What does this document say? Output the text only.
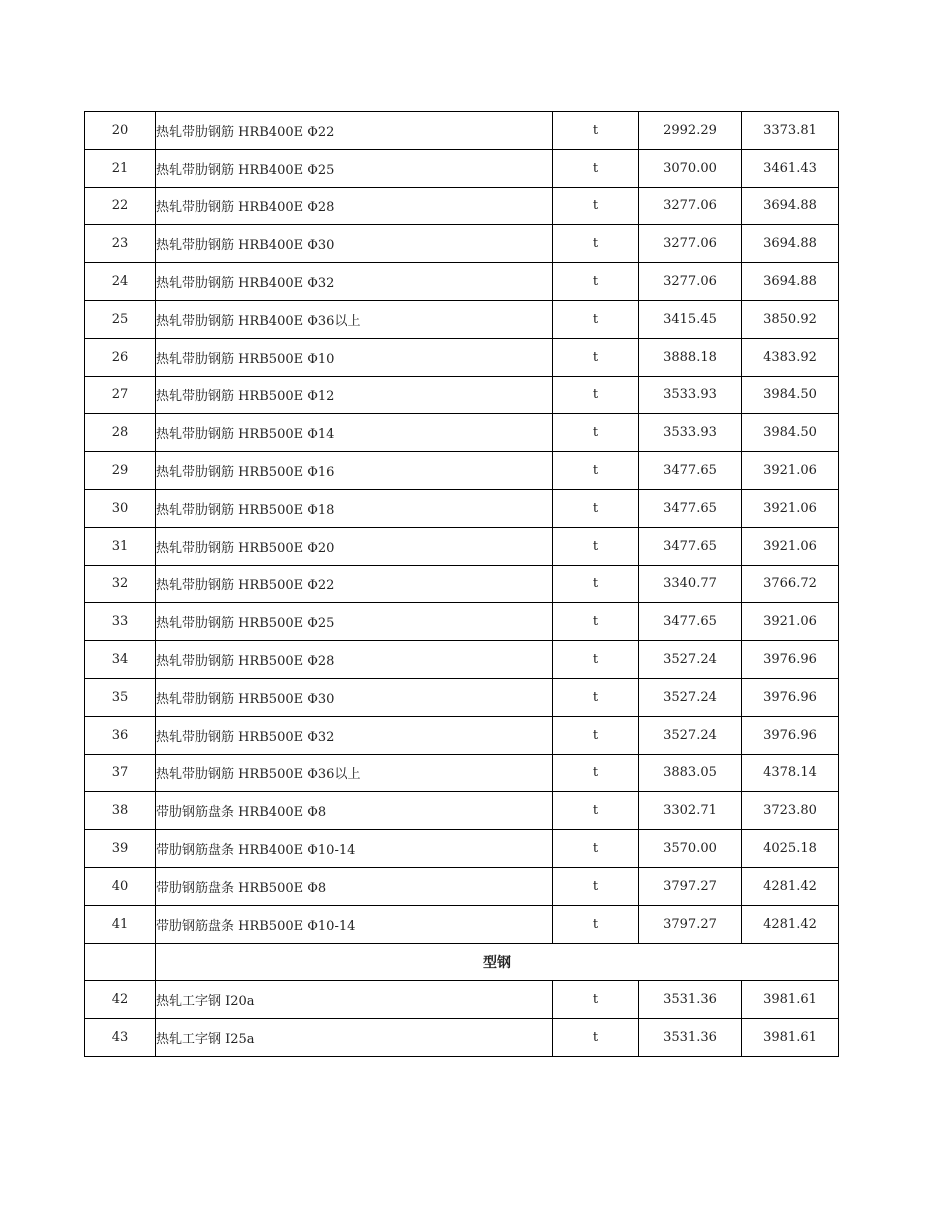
20	热轧带肋钢筋 HRB400E Φ22	t	2992.29	3373.81
21	热轧带肋钢筋 HRB400E Φ25	t	3070.00	3461.43
22	热轧带肋钢筋 HRB400E Φ28	t	3277.06	3694.88
23	热轧带肋钢筋 HRB400E Φ30	t	3277.06	3694.88
24	热轧带肋钢筋 HRB400E Φ32	t	3277.06	3694.88
25	热轧带肋钢筋 HRB400E Φ36以上	t	3415.45	3850.92
26	热轧带肋钢筋 HRB500E Φ10	t	3888.18	4383.92
27	热轧带肋钢筋 HRB500E Φ12	t	3533.93	3984.50
28	热轧带肋钢筋 HRB500E Φ14	t	3533.93	3984.50
29	热轧带肋钢筋 HRB500E Φ16	t	3477.65	3921.06
30	热轧带肋钢筋 HRB500E Φ18	t	3477.65	3921.06
31	热轧带肋钢筋 HRB500E Φ20	t	3477.65	3921.06
32	热轧带肋钢筋 HRB500E Φ22	t	3340.77	3766.72
33	热轧带肋钢筋 HRB500E Φ25	t	3477.65	3921.06
34	热轧带肋钢筋 HRB500E Φ28	t	3527.24	3976.96
35	热轧带肋钢筋 HRB500E Φ30	t	3527.24	3976.96
36	热轧带肋钢筋 HRB500E Φ32	t	3527.24	3976.96
37	热轧带肋钢筋 HRB500E Φ36以上	t	3883.05	4378.14
38	带肋钢筋盘条 HRB400E Φ8	t	3302.71	3723.80
39	带肋钢筋盘条 HRB400E Φ10-14	t	3570.00	4025.18
40	带肋钢筋盘条 HRB500E Φ8	t	3797.27	4281.42
41	带肋钢筋盘条 HRB500E Φ10-14	t	3797.27	4281.42
	型钢			
42	热轧工字钢 I20a	t	3531.36	3981.61
43	热轧工字钢 I25a	t	3531.36	3981.61
